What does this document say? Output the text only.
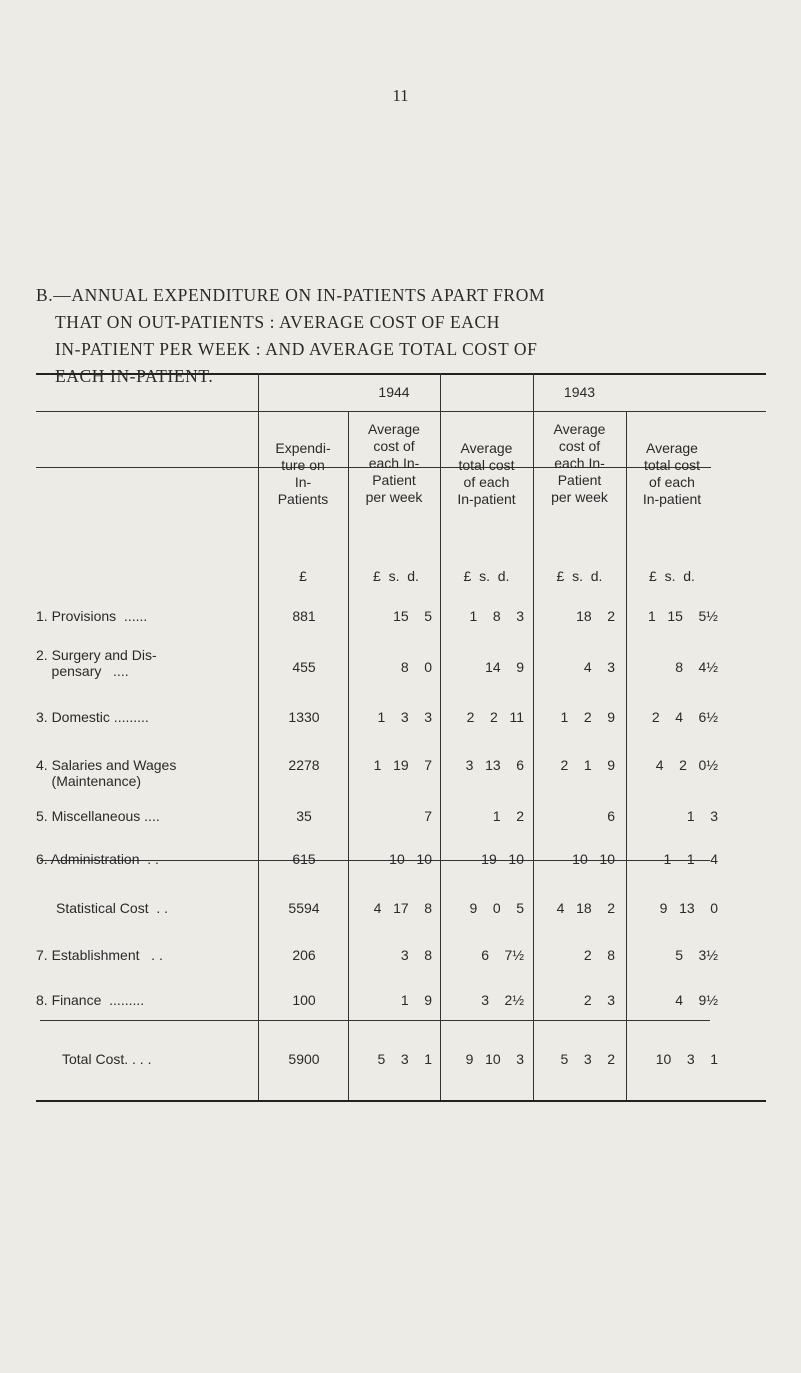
11
B.—ANNUAL EXPENDITURE ON IN-PATIENTS APART FROM
THAT ON OUT-PATIENTS : AVERAGE COST OF EACH
IN-PATIENT PER WEEK : AND AVERAGE TOTAL COST OF
EACH IN-PATIENT.
1944	1943
Expendi-
ture on
In-
Patients
Average
cost of
each In-
Patient
per week
Average
total cost
of each
In-patient
Average
cost of
each In-
Patient
per week
Average
total cost
of each
In-patient
£	£  s.  d.	£  s.  d.	£  s.  d.	£  s.  d.
1. Provisions  ......	881	15    5	1    8    3	18    2	1   15    5½
2. Surgery and Dis-
pensary   ....	455	8    0	14    9	4    3	8    4½
3. Domestic .........	1330	1    3    3	2    2   11	1    2    9	2    4    6½
4. Salaries and Wages
(Maintenance)
2278	1   19    7	3   13    6	2    1    9	4    2   0½
5. Miscellaneous ....	35	7	1    2	6	1    3
6. Administration  . .	615	10   10	19   10	10   10	1    1    4
Statistical Cost  . .	5594	4   17    8	9    0    5	4   18    2	9   13    0
7. Establishment   . .	206	3    8	6    7½	2    8	5    3½
8. Finance  .........	100	1    9	3    2½	2    3	4    9½
Total Cost. . . .	5900	5    3    1	9   10    3	5    3    2	10    3    1
